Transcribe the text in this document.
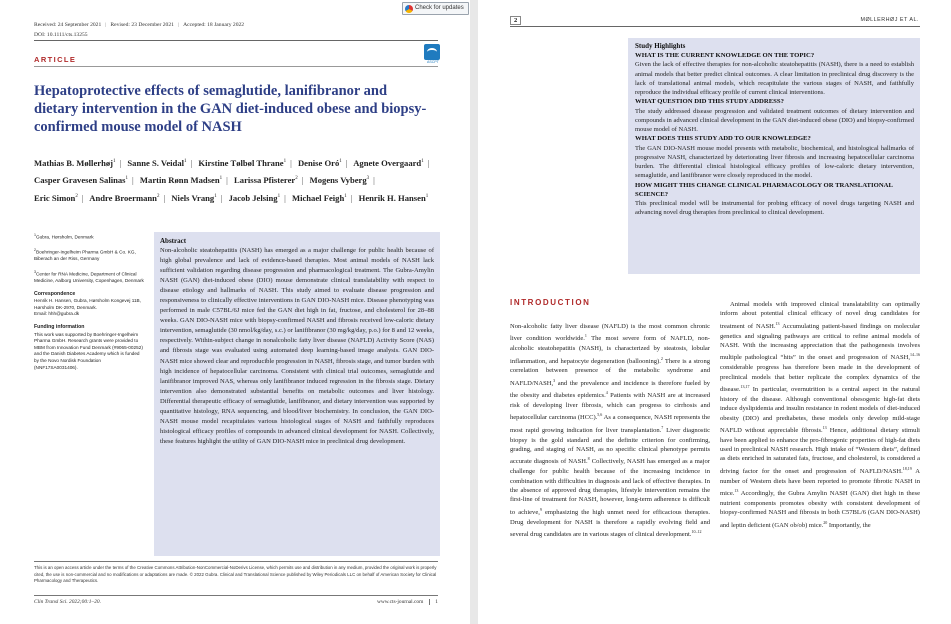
Check for updates
Received: 24 September 2021 | Revised: 23 December 2021 | Accepted: 18 January 2022
DOI: 10.1111/cts.13255
ASCPT
ARTICLE
Hepatoprotective effects of semaglutide, lanifibranor and dietary intervention in the GAN diet-induced obese and biopsy-confirmed mouse model of NASH
Mathias B. Møllerhøj$^1$ | Sanne S. Veidal$^1$ | Kirstine Tølbøl Thrane$^1$ | Denise Oró$^1$ | Agnete Overgaard$^1$ | Casper Gravesen Salinas$^1$ | Martin Rønn Madsen$^1$ | Larissa Pfisterer$^2$ | Mogens Vyberg$^3$ | Eric Simon$^2$ | Andre Broermann$^2$ | Niels Vrang$^1$ | Jacob Jelsing$^1$ | Michael Feigh$^1$ | Henrik H. Hansen$^1$

$^1$Gubra, Hørsholm, Denmark

$^2$Boehringer-Ingelheim Pharma GmbH & Co. KG, Biberach an der Riss, Germany

$^3$Center for RNA Medicine, Department of Clinical Medicine, Aalborg University, Copenhagen, Denmark

Correspondence
Henrik H. Hansen, Gubra, Hørsholm Kongevej 11B, Hørsholm DK-2970, Denmark.
Email: hhh@gubra.dk

Funding information
This work was supported by Boehringer-Ingelheim Pharma GmbH. Research grants were provided to MBM from Innovation Fund Denmark (#9065-00252) and the Danish Diabetes Academy which is funded by the Novo Nordisk Foundation (NNF17SA0031406).

Abstract

Non-alcoholic steatohepatitis (NASH) has emerged as a major challenge for public health because of high global prevalence and lack of evidence-based therapies. Most animal models of NASH lack sufficient validation regarding disease progression and pharmacological treatment. The Gubra-Amylin NASH (GAN) diet-induced obese (DIO) mouse demonstrate clinical translatability with respect to disease etiology and hallmarks of NASH. This study aimed to evaluate disease progression and responsiveness to clinically effective interventions in GAN DIO-NASH mice. Disease phenotyping was performed in male C57BL/6J mice fed the GAN diet high in fat, fructose, and cholesterol for 28–88 weeks. GAN DIO-NASH mice with biopsy-confirmed NASH and fibrosis received low-caloric dietary intervention, semaglutide (30 nmol/kg/day, s.c.) or lanifibranor (30 mg/kg/day, p.o.) for 8 and 12 weeks, respectively. Within-subject change in nonalcoholic fatty liver disease (NAFLD) Activity Score (NAS) and fibrosis stage was evaluated using automated deep learning-based image analysis. GAN DIO-NASH mice showed clear and reproducible progression in NASH, fibrosis stage, and tumor burden with high incidence of hepatocellular carcinoma. Consistent with clinical trial outcomes, semaglutide and lanifibranor improved NAS, whereas only lanifibranor induced regression in the fibrosis stage. Dietary intervention also demonstrated substantial benefits on metabolic outcomes and liver histology. Differential therapeutic efficacy of semaglutide, lanifibranor, and dietary intervention was supported by quantitative histology, RNA sequencing, and blood/liver biochemistry. In conclusion, the GAN DIO-NASH mouse model recapitulates various histological stages of NASH and faithfully reproduces histological efficacy profiles of compounds in advanced clinical development for NASH. Collectively, these features highlight the utility of GAN DIO-NASH mice in preclinical drug development.

This is an open access article under the terms of the Creative Commons Attribution-NonCommercial-NoDerivs License, which permits use and distribution in any medium, provided the original work is properly cited, the use is non-commercial and no modifications or adaptations are made. © 2022 Gubra. Clinical and Translational Science published by Wiley Periodicals LLC on behalf of American Society for Clinical Pharmacology and Therapeutics.
Clin Transl Sci. 2022;00:1–20.	www.cts-journal.com 1
2	MØLLERHØJ ET AL.
Study Highlights
WHAT IS THE CURRENT KNOWLEDGE ON THE TOPIC?

Given the lack of effective therapies for non-alcoholic steatohepatitis (NASH), there is a need to establish animal models that better predict clinical outcomes. A clear limitation in preclinical drug discovery is the lack of translational animal models, which recapitulate the various stages of NASH, and faithfully reproduce the individual efficacy profile of current clinical interventions.

WHAT QUESTION DID THIS STUDY ADDRESS?

The study addressed disease progression and validated treatment outcomes of dietary intervention and compounds in advanced clinical development in the GAN diet-induced obese (DIO) and biopsy-confirmed mouse model of NASH.

WHAT DOES THIS STUDY ADD TO OUR KNOWLEDGE?

The GAN DIO-NASH mouse model presents with metabolic, biochemical, and histological hallmarks of progressive NASH, characterized by deteriorating liver fibrosis and increasing hepatocellular carcinoma burden. The differential clinical histological efficacy profiles of low-caloric dietary intervention, semaglutide, and lanifibranor were closely reproduced in the model.

HOW MIGHT THIS CHANGE CLINICAL PHARMACOLOGY OR TRANSLATIONAL SCIENCE?

This preclinical model will be instrumental for probing efficacy of novel drugs targeting NASH and advancing novel drug therapies from preclinical to clinical development.

INTRODUCTION
Non-alcoholic fatty liver disease (NAFLD) is the most common chronic liver condition worldwide.$^1$ The most severe form of NAFLD, non-alcoholic steatohepatitis (NASH), is characterized by steatosis, lobular inflammation, and hepatocyte degeneration (ballooning).$^2$ There is a strong correlation between presence of the metabolic syndrome and NAFLD/NASH,$^3$ and the prevalence and incidence is therefore fueled by the obesity and diabetes epidemics.$^4$ Patients with NASH are at increased risk of developing liver fibrosis, which can progress to cirrhosis and hepatocellular carcinoma (HCC).$^{5,6}$ As a consequence, NASH represents the most rapid growing indication for liver transplantation.$^7$ Liver diagnostic biopsy is the gold standard and the definite criterion for confirming, grading, and staging of NASH, as no specific clinical phenotype permits accurate diagnosis of NASH.$^8$ Collectively, NASH has emerged as a major challenge for public health because of the increasing incidence in combination with difficulties in diagnosis and lack of effective therapies. In the absence of approved drug therapies, lifestyle intervention remains the first-line of treatment for NASH, however, long-term adherence is difficult to achieve,$^9$ emphasizing the high unmet need for efficacious therapies. Drug development for NASH is therefore a rapidly evolving field and several drug candidates are in various stages of clinical development.$^{10-12}$
Animal models with improved clinical translatability can optimally inform about potential clinical efficacy of novel drug candidates for treatment of NASH.$^{13}$ Accumulating patient-based findings on molecular genetics and signaling pathways are critical to refine animal models of NASH. With the increasing appreciation that the pathogenesis involves multiple pathological “hits” in the onset and progression of NASH,$^{14-16}$ considerable progress has therefore been made in the development of preclinical models that better replicate the complex dynamics of the disease.$^{13,17}$ In particular, overnutrition is a central aspect in the natural history of the disease. Although conventional obesogenic high-fat diets induce dyslipidemia and insulin resistance in rodent models of diet-induced obesity (DIO) and prediabetes, these models only develop mild-stage NAFLD without appreciable fibrosis.$^{13}$ Hence, additional dietary stimuli have been applied to enhance the pro-fibrogenic properties of high-fat diets used in preclinical NASH research. High intake of “Western diets”, defined as diets enriched in saturated fats, fructose, and cholesterol, is considered a driving factor for the onset and progression of NAFLD/NASH.$^{18,19}$ A number of Western diets have been reported to promote fibrotic NASH in mice.$^{13}$ Accordingly, the Gubra Amylin NASH (GAN) diet high in these nutrient components promotes obesity with consistent development of biopsy-confirmed NASH and fibrosis in both C57BL/6 (GAN DIO-NASH) and leptin deficient (GAN ob/ob) mice.$^{20}$ Importantly, the
